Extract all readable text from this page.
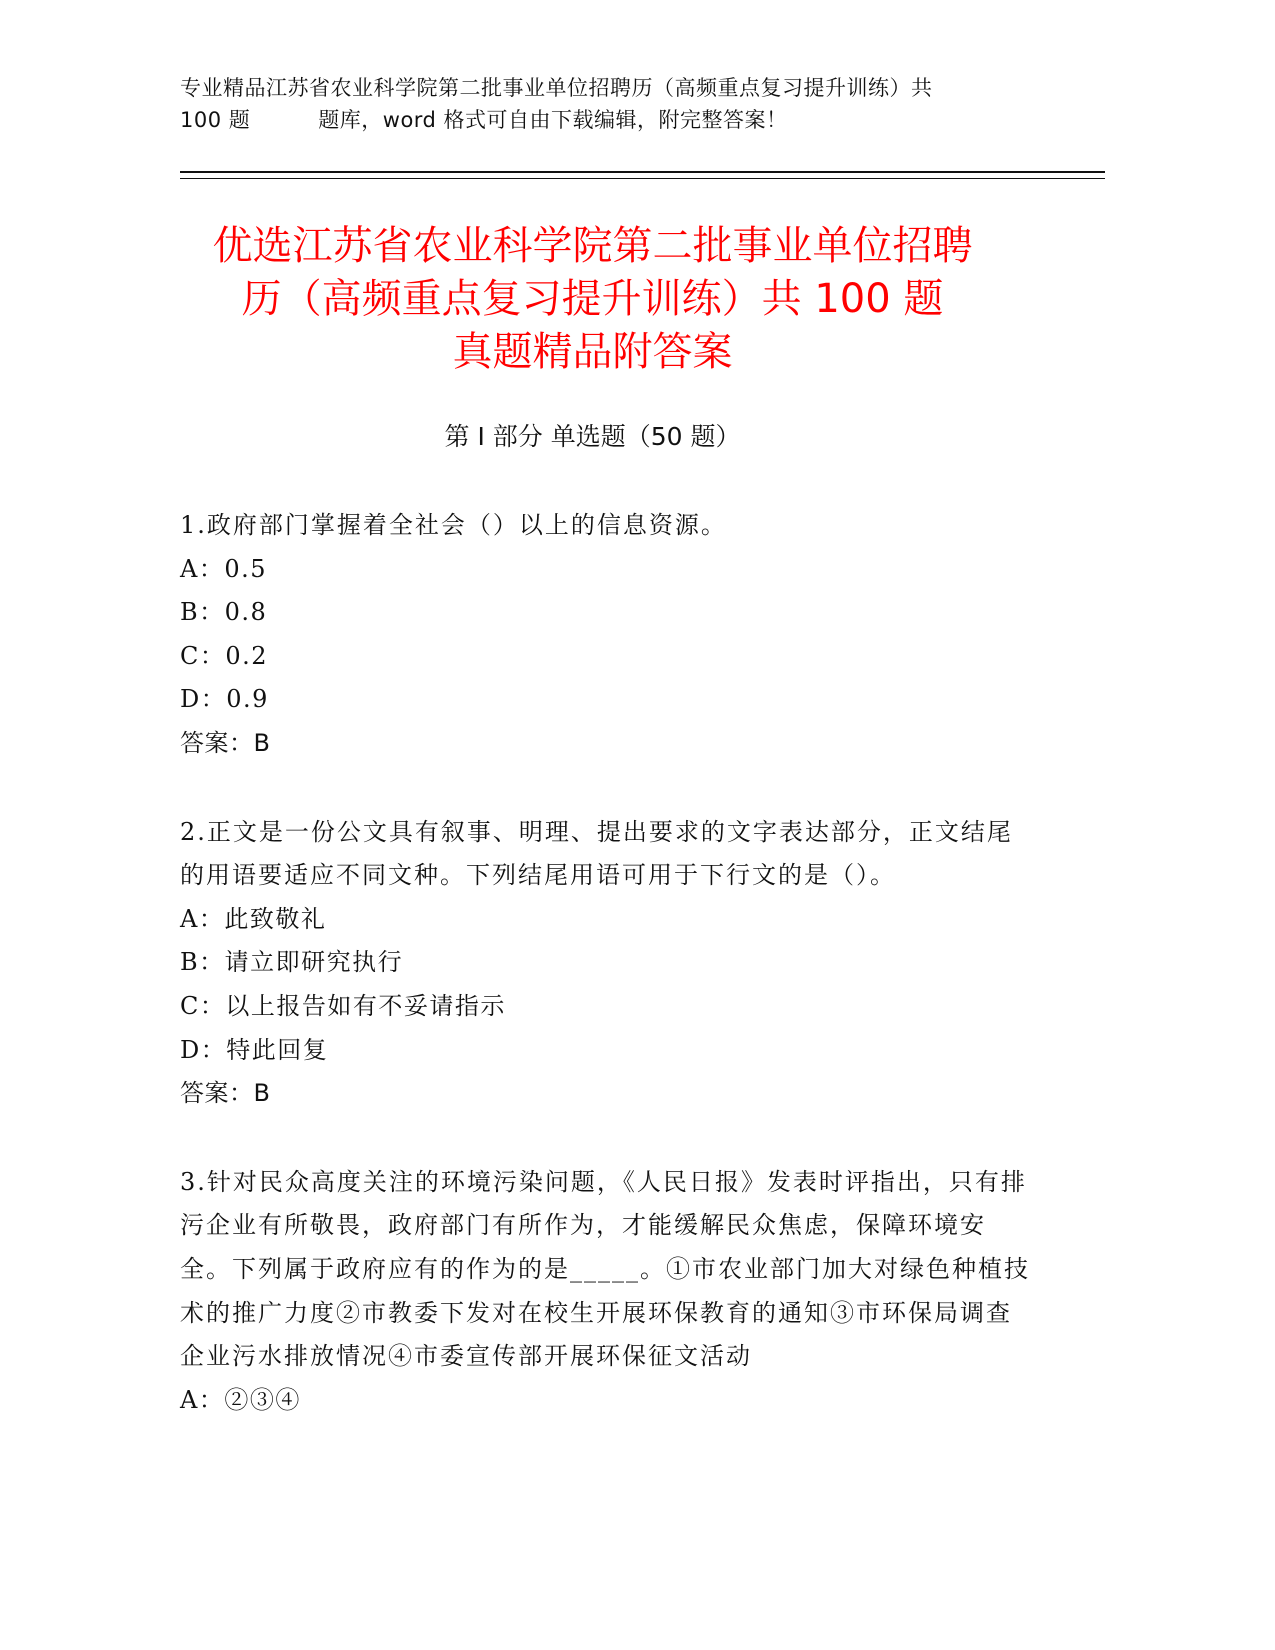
专业精品江苏省农业科学院第二批事业单位招聘历（高频重点复习提升训练）共
100 题	题库，word 格式可自由下载编辑，附完整答案！
优选江苏省农业科学院第二批事业单位招聘
历（高频重点复习提升训练）共 100 题
真题精品附答案
第 I 部分 单选题（50 题）
1.政府部门掌握着全社会（）以上的信息资源。
A：0.5
B：0.8
C：0.2
D：0.9
答案：B
2.正文是一份公文具有叙事、明理、提出要求的文字表达部分，正文结尾的用语要适应不同文种。下列结尾用语可用于下行文的是（）。
A：此致敬礼
B：请立即研究执行
C：以上报告如有不妥请指示
D：特此回复
答案：B
3.针对民众高度关注的环境污染问题，《人民日报》发表时评指出，只有排污企业有所敬畏，政府部门有所作为，才能缓解民众焦虑，保障环境安全。下列属于政府应有的作为的是_____。①市农业部门加大对绿色种植技术的推广力度②市教委下发对在校生开展环保教育的通知③市环保局调查企业污水排放情况④市委宣传部开展环保征文活动
A：②③④
